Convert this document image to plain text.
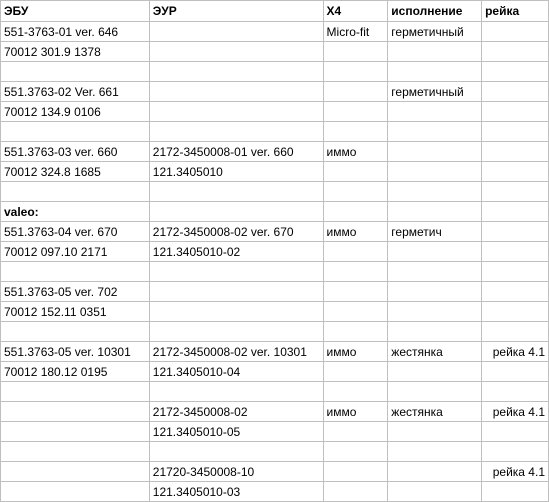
ЭБУ	ЭУР	Х4	исполнение	рейка
551-3763-01 ver. 646		Micro-fit	герметичный	
70012 301.9 1378				

551.3763-02 Ver. 661			герметичный	
70012 134.9 0106				

551.3763-03 ver. 660	2172-3450008-01 ver. 660	иммо		
70012 324.8 1685	121.3405010			

valeo:				
551.3763-04 ver. 670	2172-3450008-02 ver. 670	иммо	герметич	
70012 097.10 2171	121.3405010-02			

551.3763-05 ver. 702				
70012 152.11 0351				

551.3763-05 ver. 10301	2172-3450008-02 ver. 10301	иммо	жестянка	рейка 4.1
70012 180.12 0195	121.3405010-04			

	2172-3450008-02	иммо	жестянка	рейка 4.1
	121.3405010-05			

	21720-3450008-10			рейка 4.1
	121.3405010-03			
